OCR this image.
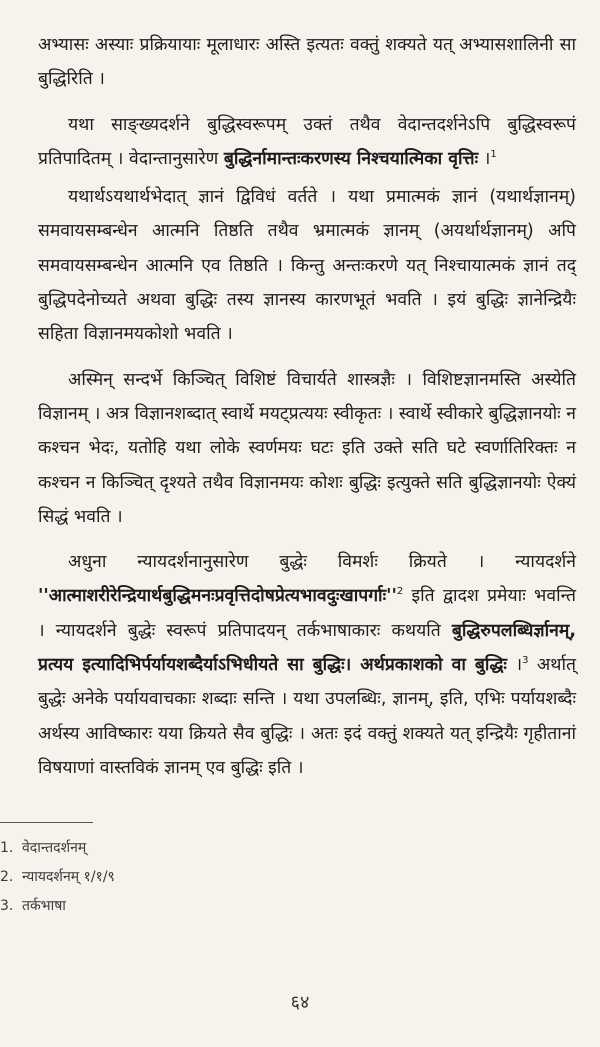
अभ्यासः अस्याः प्रक्रियायाः मूलाधारः अस्ति इत्यतः वक्तुं शक्यते यत् अभ्यासशालिनी सा बुद्धिरिति ।

यथा साङ्ख्यदर्शने बुद्धिस्वरूपम् उक्तं तथैव वेदान्तदर्शनेऽपि बुद्धिस्वरूपं प्रतिपादितम् । वेदान्तानुसारेण बुद्धिर्नामान्तःकरणस्य निश्चयात्मिका वृत्तिः ।$^1$

यथार्थऽयथार्थभेदात् ज्ञानं द्विविधं वर्तते । यथा प्रमात्मकं ज्ञानं (यथार्थज्ञानम्) समवायसम्बन्धेन आत्मनि तिष्ठति तथैव भ्रमात्मकं ज्ञानम् (अयर्थार्थज्ञानम्) अपि समवायसम्बन्धेन आत्मनि एव तिष्ठति । किन्तु अन्तःकरणे यत् निश्चायात्मकं ज्ञानं तद् बुद्धिपदेनोच्यते अथवा बुद्धिः तस्य ज्ञानस्य कारणभूतं भवति । इयं बुद्धिः ज्ञानेन्द्रियैः सहिता विज्ञानमयकोशो भवति ।

अस्मिन् सन्दर्भे किञ्चित् विशिष्टं विचार्यते शास्त्रज्ञैः । विशिष्टज्ञानमस्ति अस्येति विज्ञानम् । अत्र विज्ञानशब्दात् स्वार्थे मयट्प्रत्ययः स्वीकृतः । स्वार्थे स्वीकारे बुद्धिज्ञानयोः न कश्चन भेदः, यतोहि यथा लोके स्वर्णमयः घटः इति उक्ते सति घटे स्वर्णातिरिक्तः न कश्चन न किञ्चित् दृश्यते तथैव विज्ञानमयः कोशः बुद्धिः इत्युक्ते सति बुद्धिज्ञानयोः ऐक्यं सिद्धं भवति ।

अधुना न्यायदर्शनानुसारेण बुद्धेः विमर्शः क्रियते । न्यायदर्शने ''$आत्माशरीरेन्द्रियार्थबुद्धिमनःप्रवृत्तिदोषप्रेत्यभावदुःखापर्गाः''^2$ इति द्वादश प्रमेयाः भवन्ति । न्यायदर्शने बुद्धेः स्वरूपं प्रतिपादयन् तर्कभाषाकारः कथयति बुद्धिरुपलब्धिर्ज्ञानम्, प्रत्यय इत्यादिभिर्पर्यायशब्दैर्याऽभिधीयते सा बुद्धिः। अर्थप्रकाशको वा बुद्धिः ।$^3$ अर्थात् बुद्धेः अनेके पर्यायवाचकाः शब्दाः सन्ति । यथा उपलब्धिः, ज्ञानम्, इति, एभिः पर्यायशब्दैः अर्थस्य आविष्कारः यया क्रियते सैव बुद्धिः । अतः इदं वक्तुं शक्यते यत् इन्द्रियैः गृहीतानां विषयाणां वास्तविकं ज्ञानम् एव बुद्धिः इति ।

1. वेदान्तदर्शनम्
2. न्यायदर्शनम् १/१/९
3. तर्कभाषा
६४
